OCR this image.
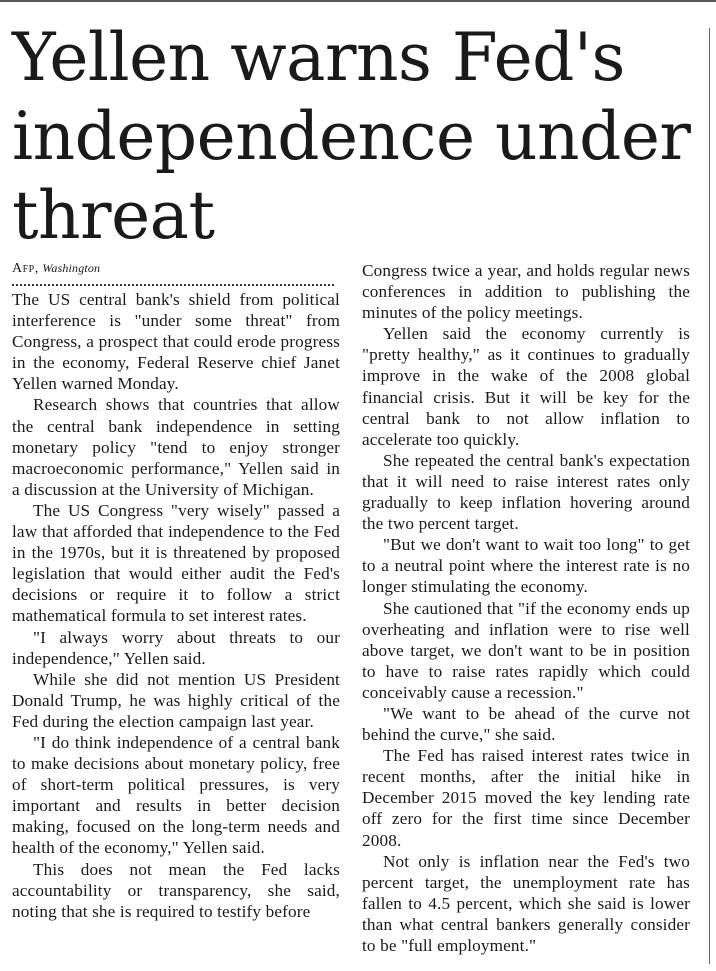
Yellen warns Fed's independence under threat
Afp, Washington

The US central bank's shield from political interference is "under some threat" from Congress, a prospect that could erode progress in the economy, Federal Reserve chief Janet Yellen warned Monday.

Research shows that countries that allow the central bank independence in setting monetary policy "tend to enjoy stronger macroeconomic performance," Yellen said in a discussion at the University of Michigan.

The US Congress "very wisely" passed a law that afforded that independence to the Fed in the 1970s, but it is threatened by proposed legislation that would either audit the Fed's decisions or require it to follow a strict mathematical formula to set interest rates.

"I always worry about threats to our independence," Yellen said.

While she did not mention US President Donald Trump, he was highly critical of the Fed during the election campaign last year.

"I do think independence of a central bank to make decisions about monetary policy, free of short-term political pressures, is very important and results in better decision making, focused on the long-term needs and health of the economy," Yellen said.

This does not mean the Fed lacks accountability or transparency, she said, noting that she is required to testify before

Congress twice a year, and holds regular news conferences in addition to publishing the minutes of the policy meetings.

Yellen said the economy currently is "pretty healthy," as it continues to gradually improve in the wake of the 2008 global financial crisis. But it will be key for the central bank to not allow inflation to accelerate too quickly.

She repeated the central bank's expectation that it will need to raise interest rates only gradually to keep inflation hovering around the two percent target.

"But we don't want to wait too long" to get to a neutral point where the interest rate is no longer stimulating the economy.

She cautioned that "if the economy ends up overheating and inflation were to rise well above target, we don't want to be in position to have to raise rates rapidly which could conceivably cause a recession."

"We want to be ahead of the curve not behind the curve," she said.

The Fed has raised interest rates twice in recent months, after the initial hike in December 2015 moved the key lending rate off zero for the first time since December 2008.

Not only is inflation near the Fed's two percent target, the unemployment rate has fallen to 4.5 percent, which she said is lower than what central bankers generally consider to be "full employment."
